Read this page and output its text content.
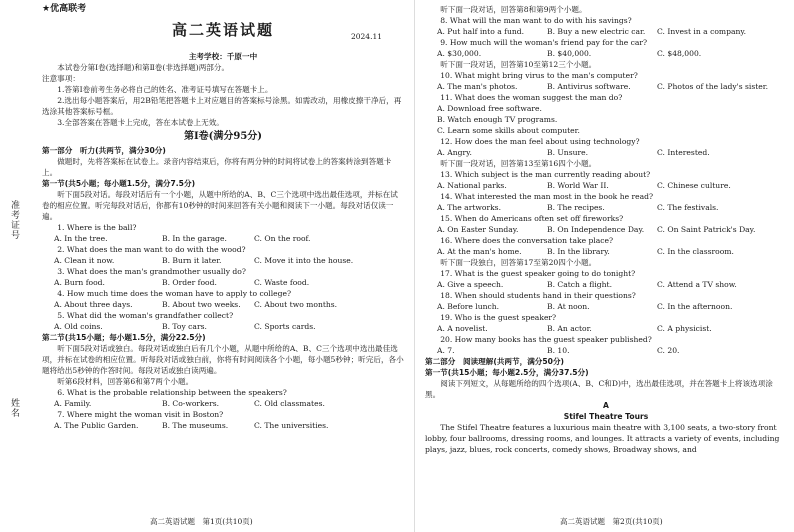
准考证号
姓名
★优高联考
高二英语试题	2024.11

主考学校：千原一中

本试卷分第Ⅰ卷(选择题)和第Ⅱ卷(非选择题)两部分。

注意事项：

1.答第Ⅰ卷前考生务必将自己的姓名、准考证号填写在答题卡上。

2.选出每小题答案后，用2B铅笔把答题卡上对应题目的答案标号涂黑。如需改动，用橡皮擦干净后，再选涂其他答案标号框。

3.全部答案在答题卡上完成，答在本试卷上无效。

第Ⅰ卷(满分95分)

第一部分　听力(共两节，满分30分)

做题时，先将答案标在试卷上。录音内容结束后，你将有两分钟的时间将试卷上的答案转涂到答题卡上。

第一节(共5小题；每小题1.5分，满分7.5分)

听下面5段对话。每段对话后有一个小题，从题中所给的A、B、C三个选项中选出最佳选项，并标在试卷的相应位置。听完每段对话后，你都有10秒钟的时间来回答有关小题和阅读下一小题。每段对话仅读一遍。

1. Where is the ball?

A. In the tree.	B. In the garage.	C. On the roof.

2. What does the man want to do with the wood?

A. Clean it now.	B. Burn it later.	C. Move it into the house.

3. What does the man's grandmother usually do?

A. Burn food.	B. Order food.	C. Waste food.

4. How much time does the woman have to apply to college?

A. About three days.	B. About two weeks.	C. About two months.

5. What did the woman's grandfather collect?

A. Old coins.	B. Toy cars.	C. Sports cards.

第二节(共15小题；每小题1.5分，满分22.5分)

听下面5段对话或独白。每段对话或独白后有几个小题，从题中所给的A、B、C三个选项中选出最佳选项，并标在试卷的相应位置。听每段对话或独白前，你将有时间阅读各个小题，每小题5秒钟；听完后，各小题将给出5秒钟的作答时间。每段对话或独白读两遍。

听第6段材料，回答第6和第7两个小题。

6. What is the probable relationship between the speakers?

A. Family.	B. Co-workers.	C. Old classmates.

7. Where might the woman visit in Boston?

A. The Public Garden.	B. The museums.	C. The universities.

听下面一段对话，回答第8和第9两个小题。

8. What will the man want to do with his savings?

A. Put half into a fund.	B. Buy a new electric car.	C. Invest in a company.

9. How much will the woman's friend pay for the car?

A. $30,000.	B. $40,000.	C. $48,000.

听下面一段对话，回答第10至第12三个小题。

10. What might bring virus to the man's computer?

A. The man's photos.	B. Antivirus software.	C. Photos of the lady's sister.

11. What does the woman suggest the man do?

A. Download free software.

B. Watch enough TV programs.

C. Learn some skills about computer.

12. How does the man feel about using technology?

A. Angry.	B. Unsure.	C. Interested.

听下面一段对话，回答第13至第16四个小题。

13. Which subject is the man currently reading about?

A. National parks.	B. World War II.	C. Chinese culture.

14. What interested the man most in the book he read?

A. The artworks.	B. The recipes.	C. The festivals.

15. When do Americans often set off fireworks?

A. On Easter Sunday.	B. On Independence Day.	C. On Saint Patrick's Day.

16. Where does the conversation take place?

A. At the man's home.	B. In the library.	C. In the classroom.

听下面一段独白，回答第17至第20四个小题。

17. What is the guest speaker going to do tonight?

A. Give a speech.	B. Catch a flight.	C. Attend a TV show.

18. When should students hand in their questions?

A. Before lunch.	B. At noon.	C. In the afternoon.

19. Who is the guest speaker?

A. A novelist.	B. An actor.	C. A physicist.

20. How many books has the guest speaker published?

A. 7.	B. 10.	C. 20.

第二部分　阅读理解(共两节，满分50分)

第一节(共15小题；每小题2.5分，满分37.5分)

阅读下列短文，从每题所给的四个选项(A、B、C和D)中，选出最佳选项，并在答题卡上将该选项涂黑。

A

Stifel Theatre Tours

The Stifel Theatre features a luxurious main theatre with 3,100 seats, a two-story front lobby, four ballrooms, dressing rooms, and lounges. It attracts a variety of events, including plays, jazz, blues, rock concerts, comedy shows, Broadway shows, and

高二英语试题　第1页(共10页)	高二英语试题　第2页(共10页)
